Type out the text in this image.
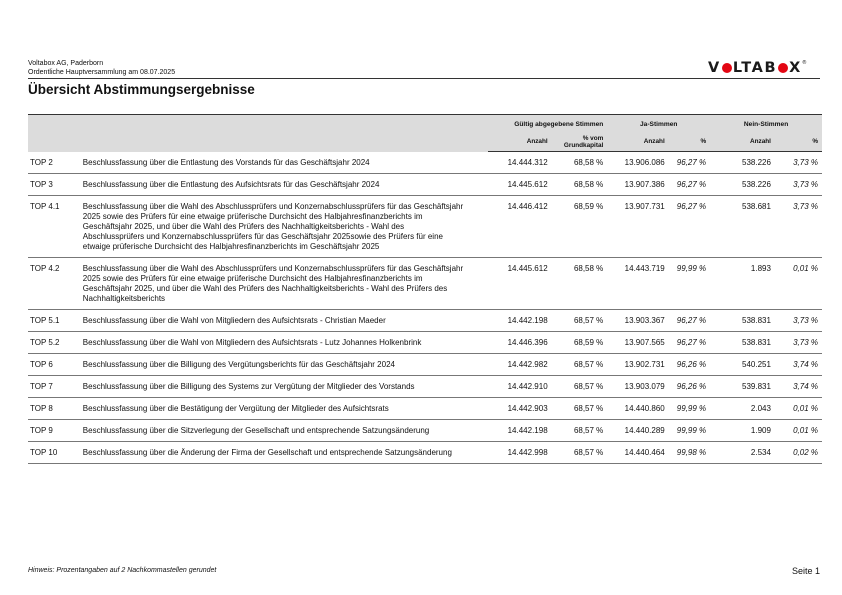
Voltabox AG, Paderborn
Ordentliche Hauptversammlung am 08.07.2025	V LTAB X®
Übersicht Abstimmungsergebnisse
		Gültig abgegebene Stimmen		Ja-Stimmen		Nein-Stimmen	
		Anzahl	% vom Grundkapital	Anzahl	%	Anzahl	%
TOP 2	Beschlussfassung über die Entlastung des Vorstands für das Geschäftsjahr 2024	14.444.312	68,58 %	13.906.086	96,27 %	538.226	3,73 %
TOP 3	Beschlussfassung über die Entlastung des Aufsichtsrats für das Geschäftsjahr 2024	14.445.612	68,58 %	13.907.386	96,27 %	538.226	3,73 %
TOP 4.1	Beschlussfassung über die Wahl des Abschlussprüfers und Konzernabschlussprüfers für das Geschäftsjahr 2025 sowie des Prüfers für eine etwaige prüferische Durchsicht des Halbjahresfinanzberichts im Geschäftsjahr 2025, und über die Wahl des Prüfers des Nachhaltigkeitsberichts - Wahl des Abschlussprüfers und Konzernabschlussprüfers für das Geschäftsjahr 2025sowie des Prüfers für eine etwaige prüferische Durchsicht des Halbjahresfinanzberichts im Geschäftsjahr 2025	14.446.412	68,59 %	13.907.731	96,27 %	538.681	3,73 %
TOP 4.2	Beschlussfassung über die Wahl des Abschlussprüfers und Konzernabschlussprüfers für das Geschäftsjahr 2025 sowie des Prüfers für eine etwaige prüferische Durchsicht des Halbjahresfinanzberichts im Geschäftsjahr 2025, und über die Wahl des Prüfers des Nachhaltigkeitsberichts - Wahl des Prüfers des Nachhaltigkeitsberichts	14.445.612	68,58 %	14.443.719	99,99 %	1.893	0,01 %
TOP 5.1	Beschlussfassung über die Wahl von Mitgliedern des Aufsichtsrats - Christian Maeder	14.442.198	68,57 %	13.903.367	96,27 %	538.831	3,73 %
TOP 5.2	Beschlussfassung über die Wahl von Mitgliedern des Aufsichtsrats - Lutz Johannes Holkenbrink	14.446.396	68,59 %	13.907.565	96,27 %	538.831	3,73 %
TOP 6	Beschlussfassung über die Billigung des Vergütungsberichts für das Geschäftsjahr 2024	14.442.982	68,57 %	13.902.731	96,26 %	540.251	3,74 %
TOP 7	Beschlussfassung über die Billigung des Systems zur Vergütung der Mitglieder des Vorstands	14.442.910	68,57 %	13.903.079	96,26 %	539.831	3,74 %
TOP 8	Beschlussfassung über die Bestätigung der Vergütung der Mitglieder des Aufsichtsrats	14.442.903	68,57 %	14.440.860	99,99 %	2.043	0,01 %
TOP 9	Beschlussfassung über die Sitzverlegung der Gesellschaft und entsprechende Satzungsänderung	14.442.198	68,57 %	14.440.289	99,99 %	1.909	0,01 %
TOP 10	Beschlussfassung über die Änderung der Firma der Gesellschaft und entsprechende Satzungsänderung	14.442.998	68,57 %	14.440.464	99,98 %	2.534	0,02 %
Hinweis: Prozentangaben auf 2 Nachkommastellen gerundet	Seite 1
